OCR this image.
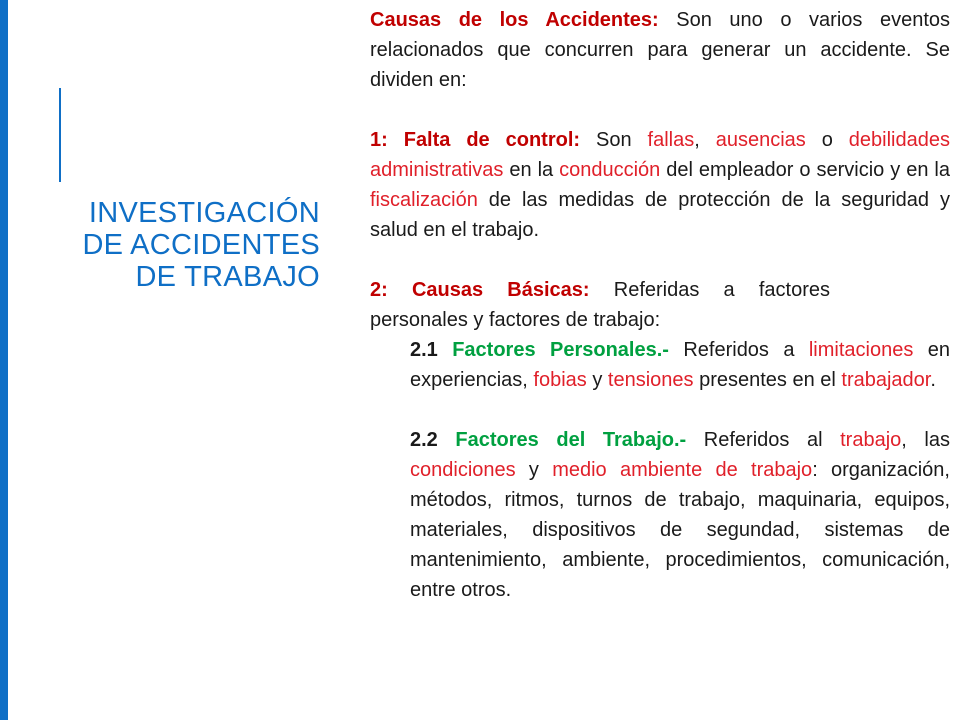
INVESTIGACIÓN
DE ACCIDENTES
DE TRABAJO

Causas de los Accidentes: Son uno o varios eventos relacionados que concurren para generar un accidente. Se dividen en:

1: Falta de control: Son fallas, ausencias o debilidades administrativas en la conducción del empleador o servicio y en la fiscalización de las medidas de protección de la seguridad y salud en el trabajo.

2: Causas Básicas: Referidas a factores personales y factores de trabajo:

2.1 Factores Personales.- Referidos a limitaciones en experiencias, fobias y tensiones presentes en el trabajador.

2.2 Factores del Trabajo.- Referidos al trabajo, las condiciones y medio ambiente de trabajo: organización, métodos, ritmos, turnos de trabajo, maquinaria, equipos, materiales, dispositivos de segundad, sistemas de mantenimiento, ambiente, procedimientos, comunicación, entre otros.
